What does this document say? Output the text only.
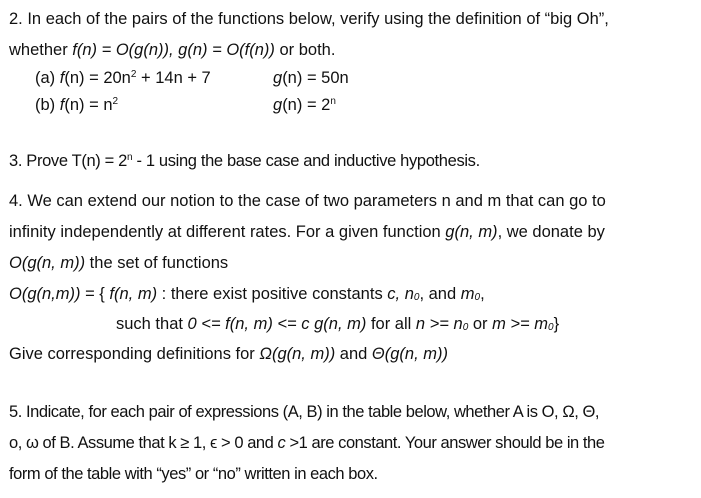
2. In each of the pairs of the functions below, verify using the definition of “big Oh”,
whether f(n) = O(g(n)), g(n) = O(f(n)) or both.
(a) $f(n) = 20n^2 + 14n + 7$	g(n) = 50n
(b) $f(n) = n^2$	$g(n) = 2^n$
3. Prove $T(n) = 2^n - 1$ using the base case and inductive hypothesis.
4. We can extend our notion to the case of two parameters n and m that can go to
infinity independently at different rates. For a given function g(n, m), we donate by
O(g(n, m)) the set of functions
O(g(n,m)) = { f(n, m) : there exist positive constants c, $n_0$, and $m_0$,
such that 0 <= f(n, m) <= c g(n, m) for all $n >= n_0$ or $m >= m_0$}
Give corresponding definitions for Ω(g(n, m)) and Θ(g(n, m))
5. Indicate, for each pair of expressions (A, B) in the table below, whether A is O, Ω, Θ,
o, ω of B. Assume that k ≥ 1, ϵ > 0 and c >1 are constant. Your answer should be in the
form of the table with “yes” or “no” written in each box.
